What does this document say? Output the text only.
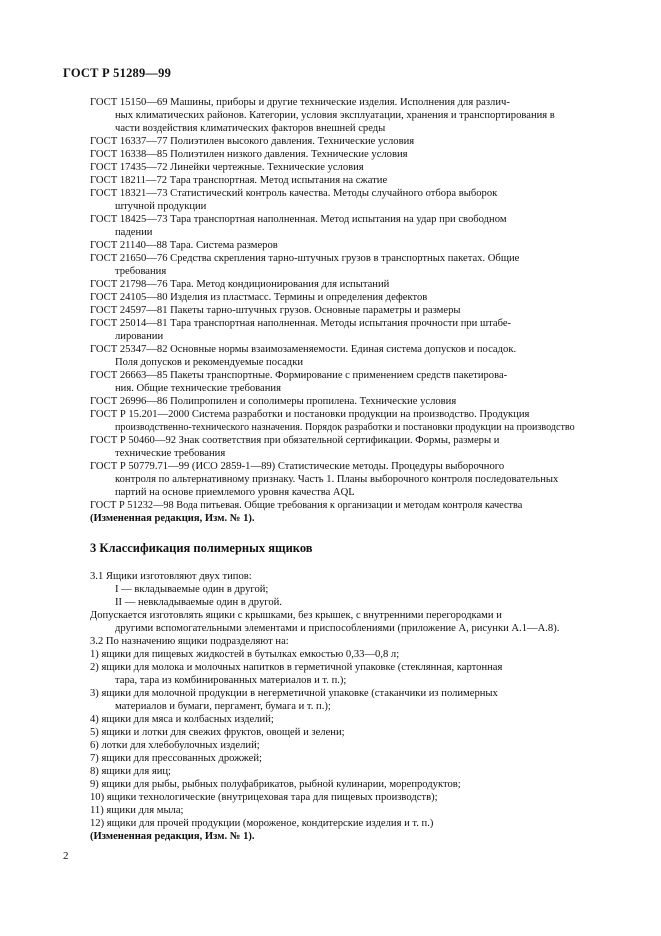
ГОСТ Р 51289—99

ГОСТ 15150—69 Машины, приборы и другие технические изделия. Исполнения для различ-

ных климатических районов. Категории, условия эксплуатации, хранения и транспортирования в

части воздействия климатических факторов внешней среды

ГОСТ 16337—77 Полиэтилен высокого давления. Технические условия

ГОСТ 16338—85 Полиэтилен низкого давления. Технические условия

ГОСТ 17435—72 Линейки чертежные. Технические условия

ГОСТ 18211—72 Тара транспортная. Метод испытания на сжатие

ГОСТ 18321—73 Статистический контроль качества. Методы случайного отбора выборок

штучной продукции

ГОСТ 18425—73 Тара транспортная наполненная. Метод испытания на удар при свободном

падении

ГОСТ 21140—88 Тара. Система размеров

ГОСТ 21650—76 Средства скрепления тарно-штучных грузов в транспортных пакетах. Общие

требования

ГОСТ 21798—76 Тара. Метод кондиционирования для испытаний

ГОСТ 24105—80 Изделия из пластмасс. Термины и определения дефектов

ГОСТ 24597—81 Пакеты тарно-штучных грузов. Основные параметры и размеры

ГОСТ 25014—81 Тара транспортная наполненная. Методы испытания прочности при штабе-

лировании

ГОСТ 25347—82 Основные нормы взаимозаменяемости. Единая система допусков и посадок.

Поля допусков и рекомендуемые посадки

ГОСТ 26663—85 Пакеты транспортные. Формирование с применением средств пакетирова-

ния. Общие технические требования

ГОСТ 26996—86 Полипропилен и сополимеры пропилена. Технические условия

ГОСТ Р 15.201—2000 Система разработки и постановки продукции на производство. Продукция

производственно-технического назначения. Порядок разработки и постановки продукции на производство

ГОСТ Р 50460—92 Знак соответствия при обязательной сертификации. Формы, размеры и

технические требования

ГОСТ Р 50779.71—99 (ИСО 2859-1—89) Статистические методы. Процедуры выборочного

контроля по альтернативному признаку. Часть 1. Планы выборочного контроля последовательных

партий на основе приемлемого уровня качества AQL

ГОСТ Р 51232—98 Вода питьевая. Общие требования к организации и методам контроля качества

(Измененная редакция, Изм. № 1).

3 Классификация полимерных ящиков

3.1 Ящики изготовляют двух типов:

I — вкладываемые один в другой;

II — невкладываемые один в другой.

Допускается изготовлять ящики с крышками, без крышек, с внутренними перегородками и

другими вспомогательными элементами и приспособлениями (приложение А, рисунки А.1—А.8).

3.2 По назначению ящики подразделяют на:

1) ящики для пищевых жидкостей в бутылках емкостью 0,33—0,8 л;

2) ящики для молока и молочных напитков в герметичной упаковке (стеклянная, картонная

тара, тара из комбинированных материалов и т. п.);

3) ящики для молочной продукции в негерметичной упаковке (стаканчики из полимерных

материалов и бумаги, пергамент, бумага и т. п.);

4) ящики для мяса и колбасных изделий;

5) ящики и лотки для свежих фруктов, овощей и зелени;

6) лотки для хлебобулочных изделий;

7) ящики для прессованных дрожжей;

8) ящики для яиц;

9) ящики для рыбы, рыбных полуфабрикатов, рыбной кулинарии, морепродуктов;

10) ящики технологические (внутрицеховая тара для пищевых производств);

11) ящики для мыла;

12) ящики для прочей продукции (мороженое, кондитерские изделия и т. п.)

(Измененная редакция, Изм. № 1).

2
